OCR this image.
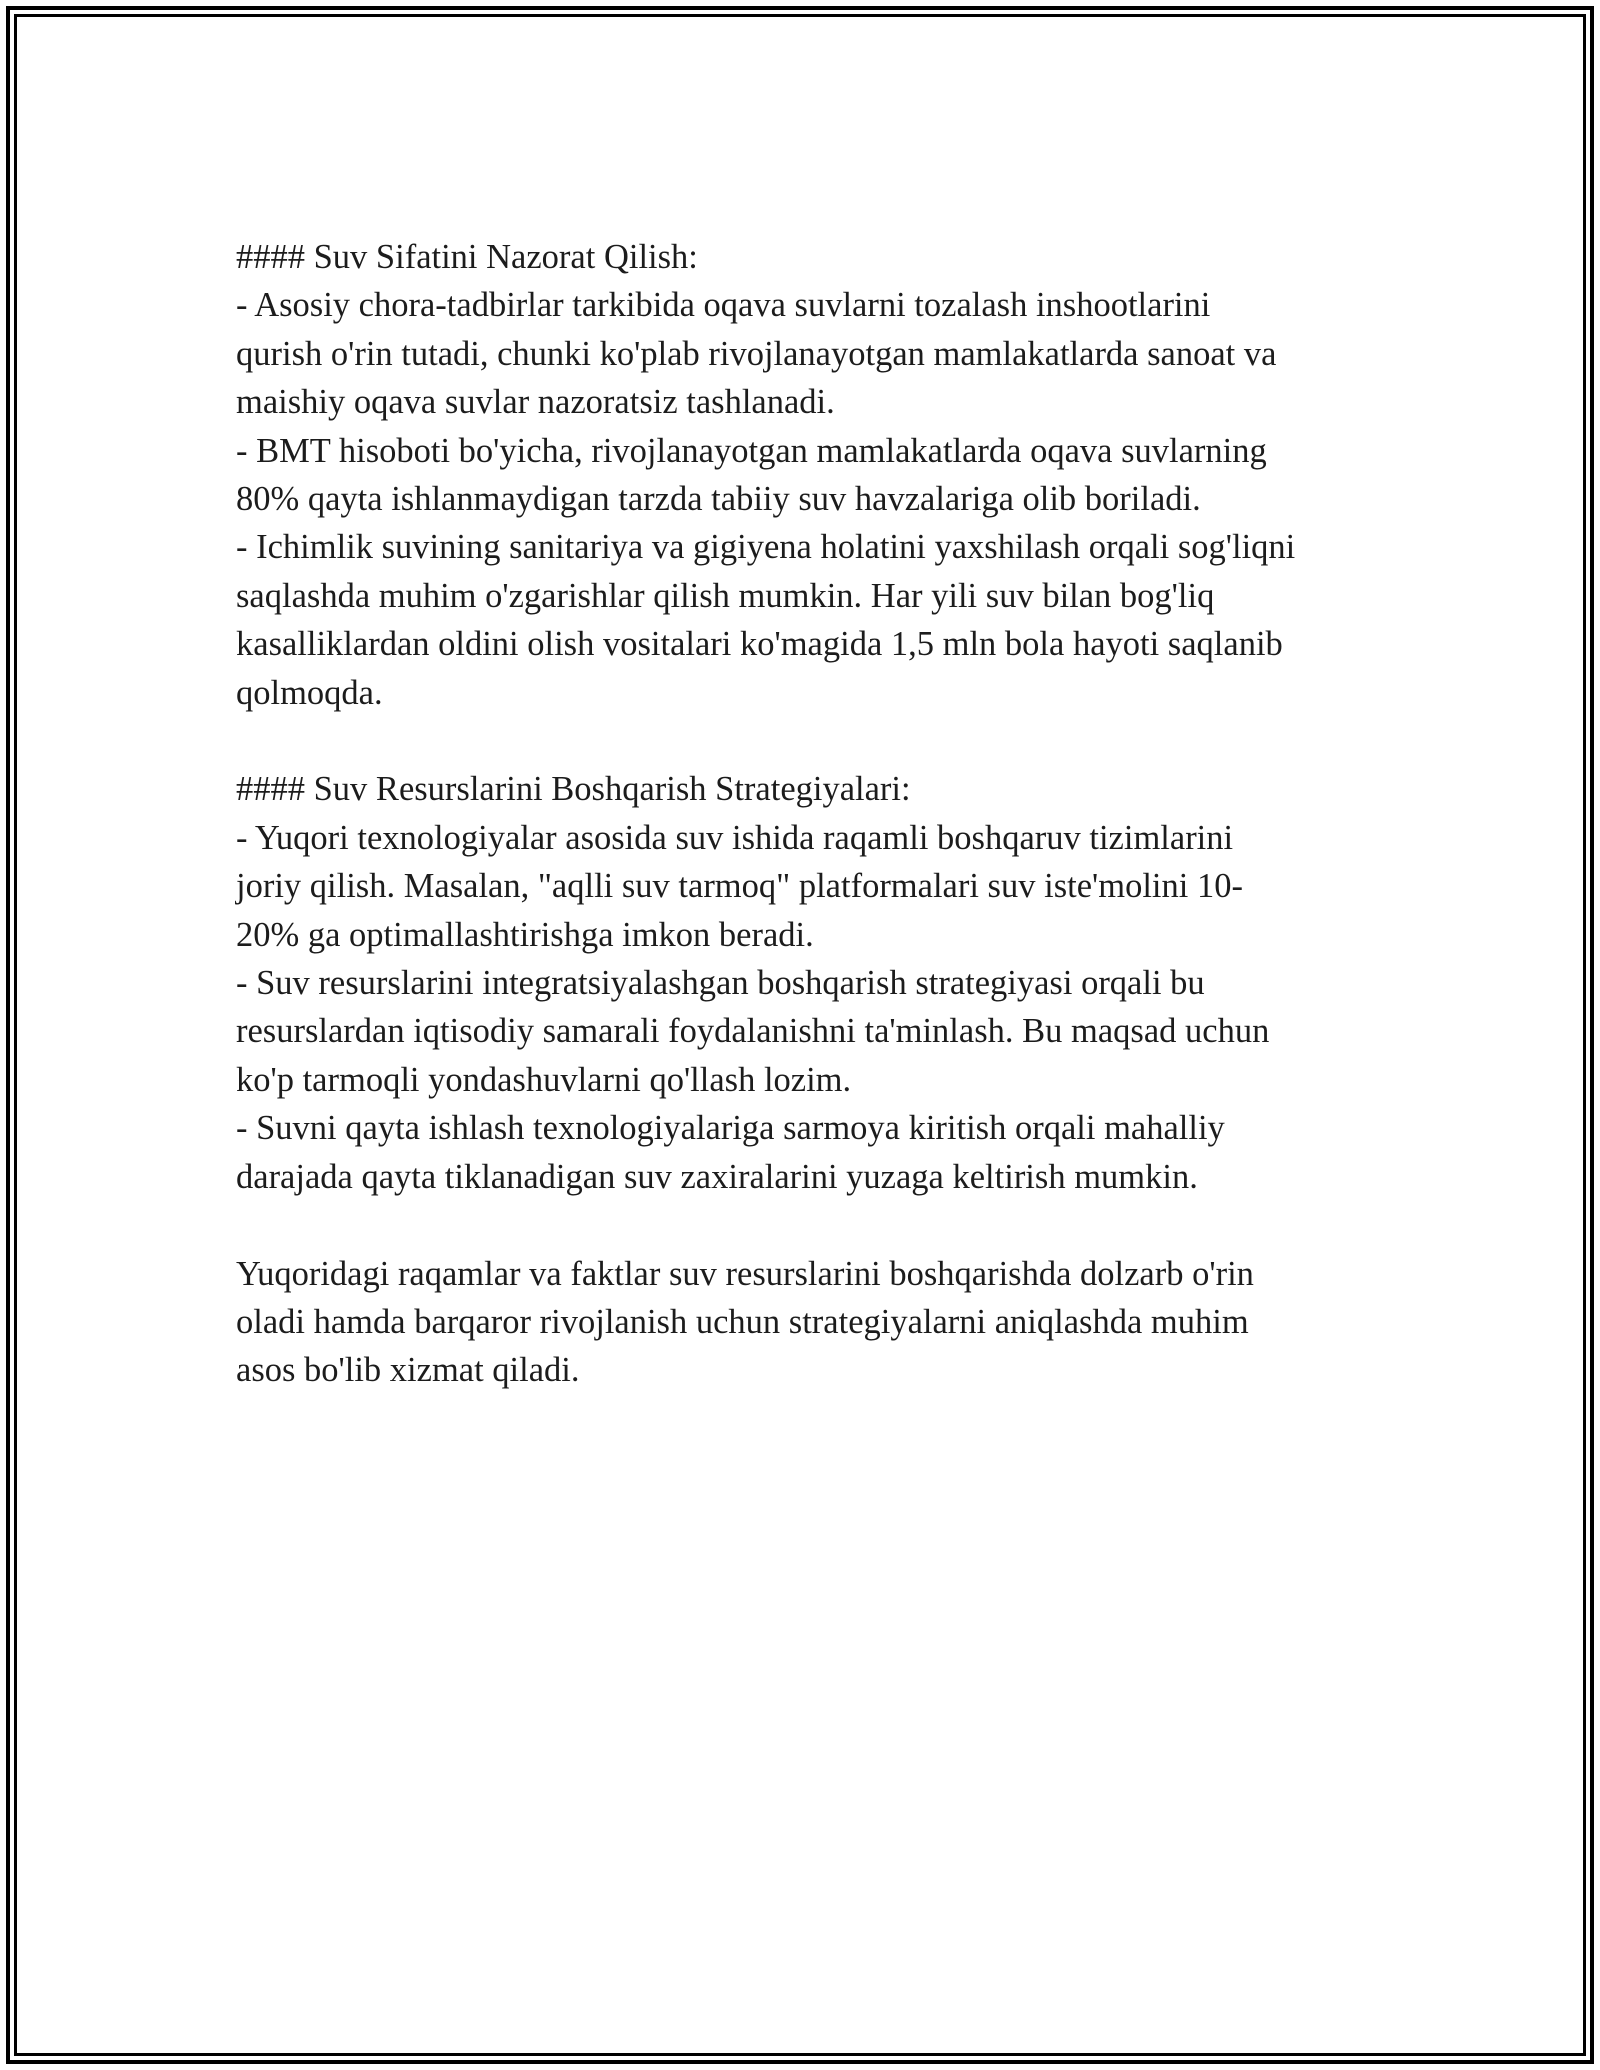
#### Suv Sifatini Nazorat Qilish:

- Asosiy chora-tadbirlar tarkibida oqava suvlarni tozalash inshootlarini
qurish o'rin tutadi, chunki ko'plab rivojlanayotgan mamlakatlarda sanoat va
maishiy oqava suvlar nazoratsiz tashlanadi.

- BMT hisoboti bo'yicha, rivojlanayotgan mamlakatlarda oqava suvlarning
80% qayta ishlanmaydigan tarzda tabiiy suv havzalariga olib boriladi.

- Ichimlik suvining sanitariya va gigiyena holatini yaxshilash orqali sog'liqni
saqlashda muhim o'zgarishlar qilish mumkin. Har yili suv bilan bog'liq
kasalliklardan oldini olish vositalari ko'magida 1,5 mln bola hayoti saqlanib
qolmoqda.

#### Suv Resurslarini Boshqarish Strategiyalari:

- Yuqori texnologiyalar asosida suv ishida raqamli boshqaruv tizimlarini
joriy qilish. Masalan, "aqlli suv tarmoq" platformalari suv iste'molini 10-
20% ga optimallashtirishga imkon beradi.

- Suv resurslarini integratsiyalashgan boshqarish strategiyasi orqali bu
resurslardan iqtisodiy samarali foydalanishni ta'minlash. Bu maqsad uchun
ko'p tarmoqli yondashuvlarni qo'llash lozim.

- Suvni qayta ishlash texnologiyalariga sarmoya kiritish orqali mahalliy
darajada qayta tiklanadigan suv zaxiralarini yuzaga keltirish mumkin.

Yuqoridagi raqamlar va faktlar suv resurslarini boshqarishda dolzarb o'rin
oladi hamda barqaror rivojlanish uchun strategiyalarni aniqlashda muhim
asos bo'lib xizmat qiladi.
